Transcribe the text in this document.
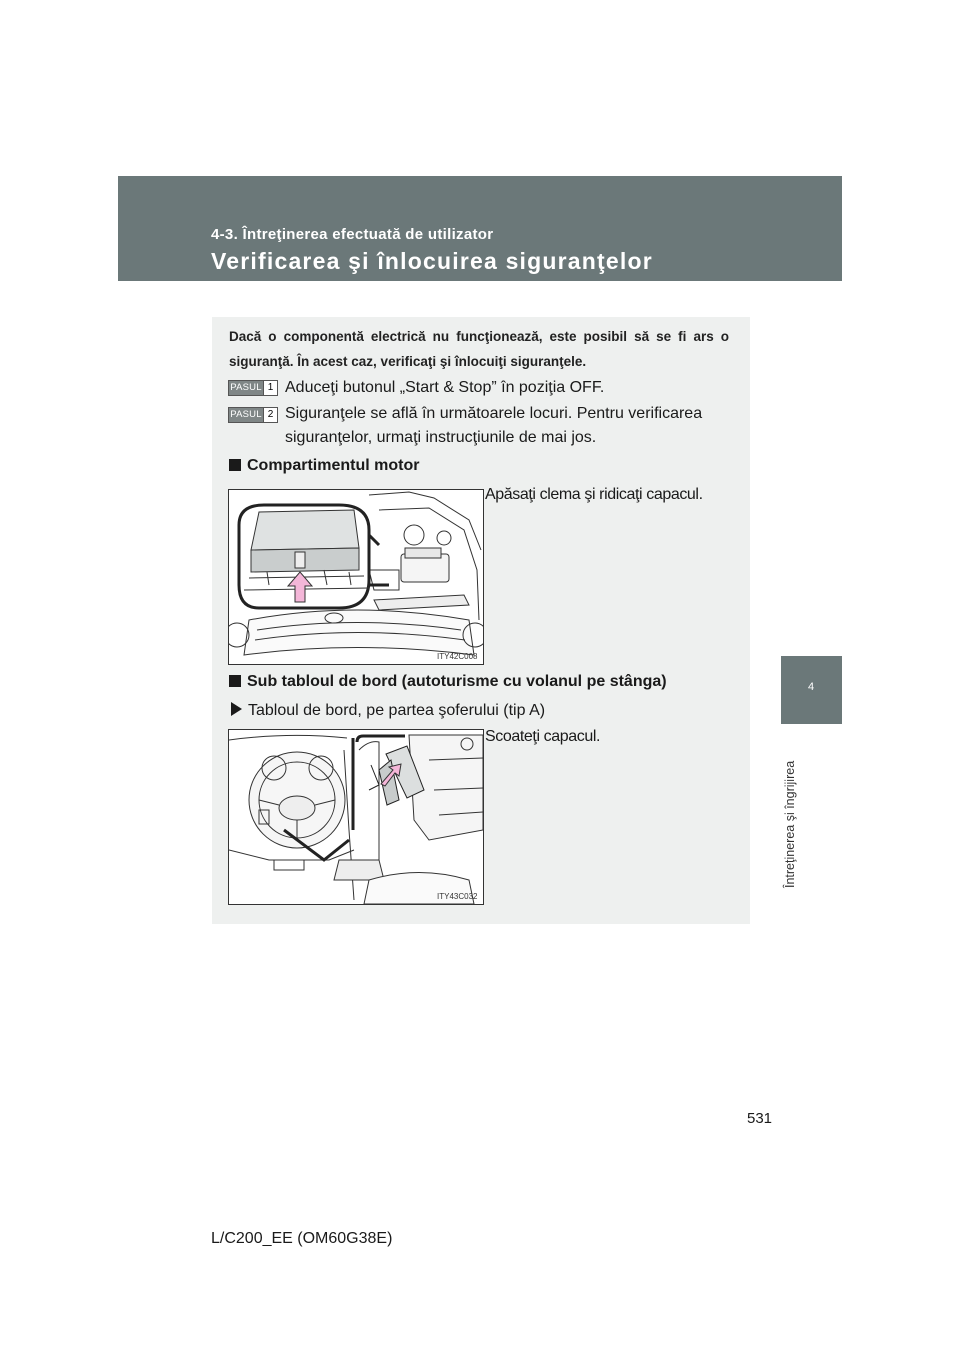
4-3. Întreţinerea efectuată de utilizator
Verificarea şi înlocuirea siguranţelor
4
Întreţinerea şi îngrijirea
Dacă o componentă electrică nu funcţionează, este posibil să se fi ars o siguranţă. În acest caz, verificaţi şi înlocuiţi siguranţele.
PASUL 1 Aduceţi butonul „Start & Stop” în poziţia OFF.
PASUL 2 Siguranţele se află în următoarele locuri. Pentru verificarea siguranţelor, urmaţi instrucţiunile de mai jos.
Compartimentul motor
Apăsaţi clema şi ridicaţi capacul.
ITY42C008
Sub tabloul de bord (autoturisme cu volanul pe stânga)
Tabloul de bord, pe partea şoferului (tip A)
Scoateţi capacul.
ITY43C032
531
L/C200_EE (OM60G38E)
